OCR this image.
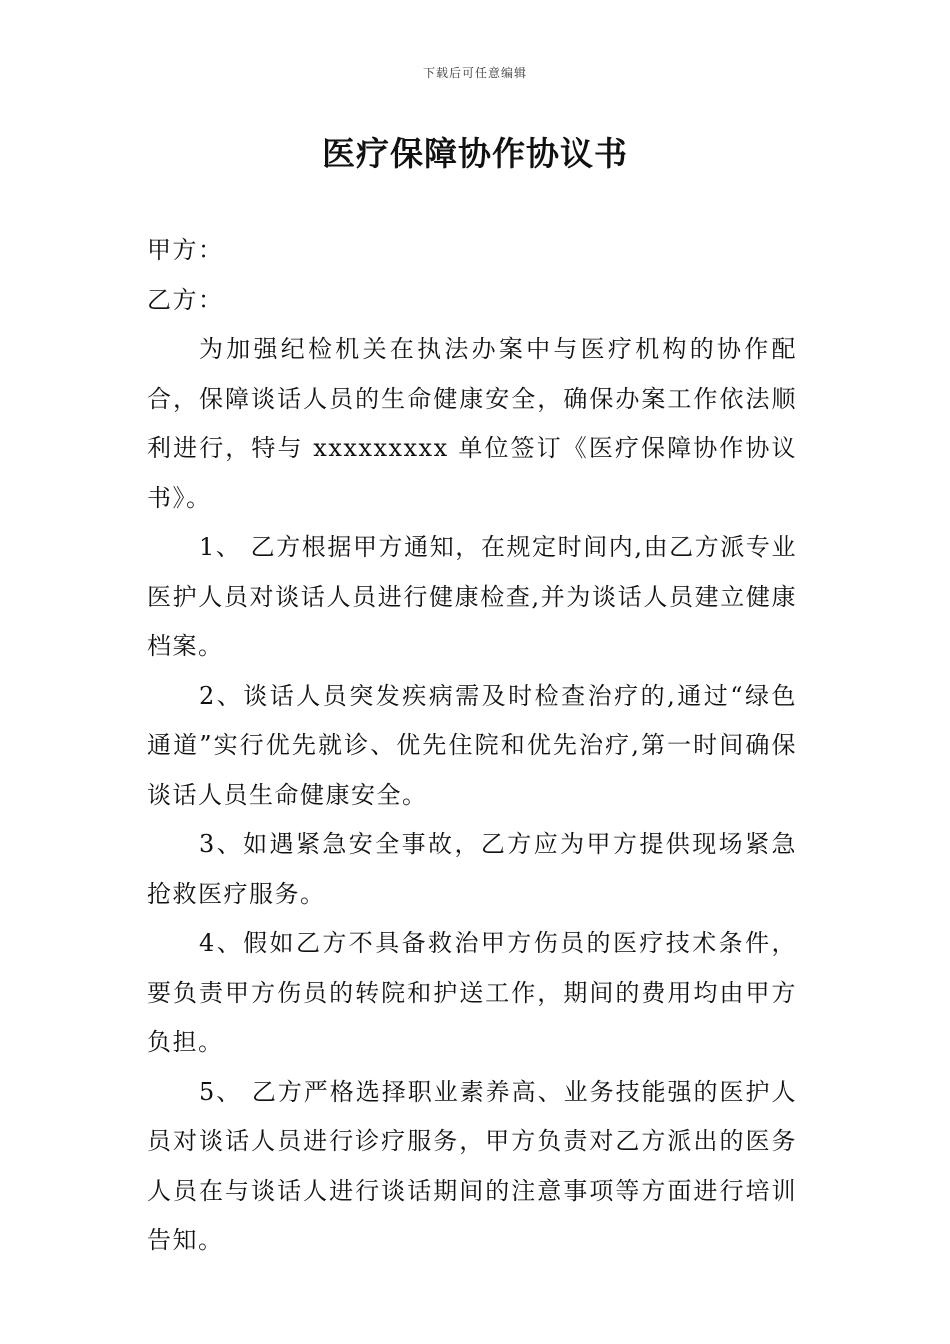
下载后可任意编辑
医疗保障协作协议书

甲方：

乙方：

为加强纪检机关在执法办案中与医疗机构的协作配合，保障谈话人员的生命健康安全，确保办案工作依法顺利进行，特与 xxxxxxxxx 单位签订《医疗保障协作协议书》。

1、 乙方根据甲方通知，在规定时间内,由乙方派专业医护人员对谈话人员进行健康检查,并为谈话人员建立健康档案。

2、谈话人员突发疾病需及时检查治疗的,通过“绿色通道”实行优先就诊、优先住院和优先治疗,第一时间确保谈话人员生命健康安全。

3、如遇紧急安全事故，乙方应为甲方提供现场紧急抢救医疗服务。

4、假如乙方不具备救治甲方伤员的医疗技术条件，要负责甲方伤员的转院和护送工作，期间的费用均由甲方负担。

5、 乙方严格选择职业素养高、业务技能强的医护人员对谈话人员进行诊疗服务，甲方负责对乙方派出的医务人员在与谈话人进行谈话期间的注意事项等方面进行培训告知。
